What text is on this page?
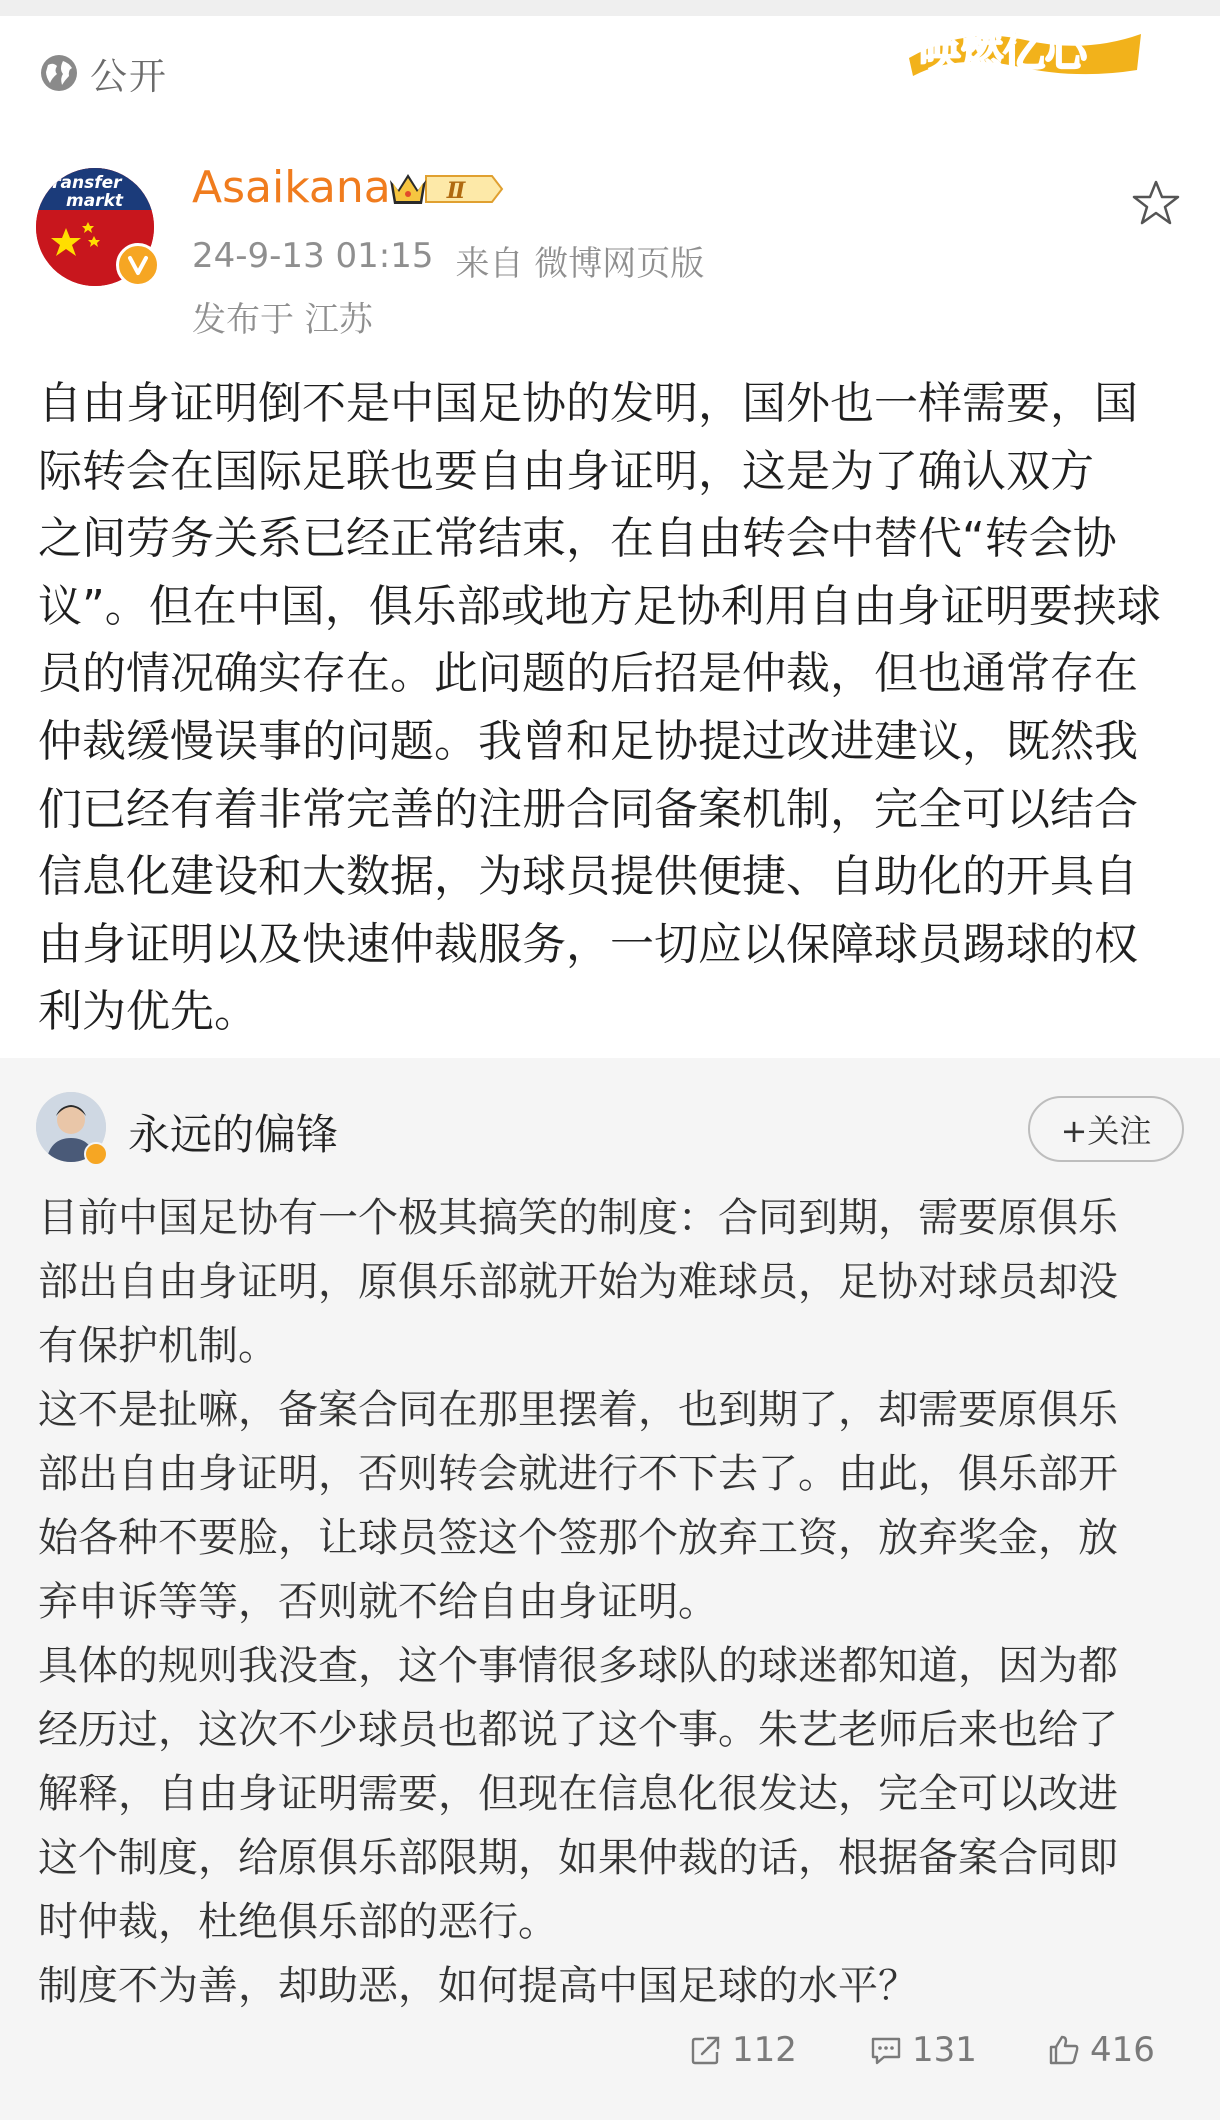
公开
唤燃亿心
transfer
markt Asaikana	Ⅱ
24-9-13 01:15 来自 微博网页版
发布于 江苏
自由身证明倒不是中国足协的发明，国外也一样需要，国
际转会在国际足联也要自由身证明，这是为了确认双方
之间劳务关系已经正常结束，在自由转会中替代“转会协
议”。但在中国，俱乐部或地方足协利用自由身证明要挟球
员的情况确实存在。此问题的后招是仲裁，但也通常存在
仲裁缓慢误事的问题。我曾和足协提过改进建议，既然我
们已经有着非常完善的注册合同备案机制，完全可以结合
信息化建设和大数据，为球员提供便捷、自助化的开具自
由身证明以及快速仲裁服务，一切应以保障球员踢球的权
利为优先。
永远的偏锋	+关注

目前中国足协有一个极其搞笑的制度：合同到期，需要原俱乐

部出自由身证明，原俱乐部就开始为难球员，足协对球员却没

有保护机制。

这不是扯嘛，备案合同在那里摆着，也到期了，却需要原俱乐

部出自由身证明，否则转会就进行不下去了。由此，俱乐部开

始各种不要脸，让球员签这个签那个放弃工资，放弃奖金，放

弃申诉等等，否则就不给自由身证明。

具体的规则我没查，这个事情很多球队的球迷都知道，因为都

经历过，这次不少球员也都说了这个事。朱艺老师后来也给了

解释，自由身证明需要，但现在信息化很发达，完全可以改进

这个制度，给原俱乐部限期，如果仲裁的话，根据备案合同即

时仲裁，杜绝俱乐部的恶行。

制度不为善，却助恶，如何提高中国足球的水平？

112	131	416
